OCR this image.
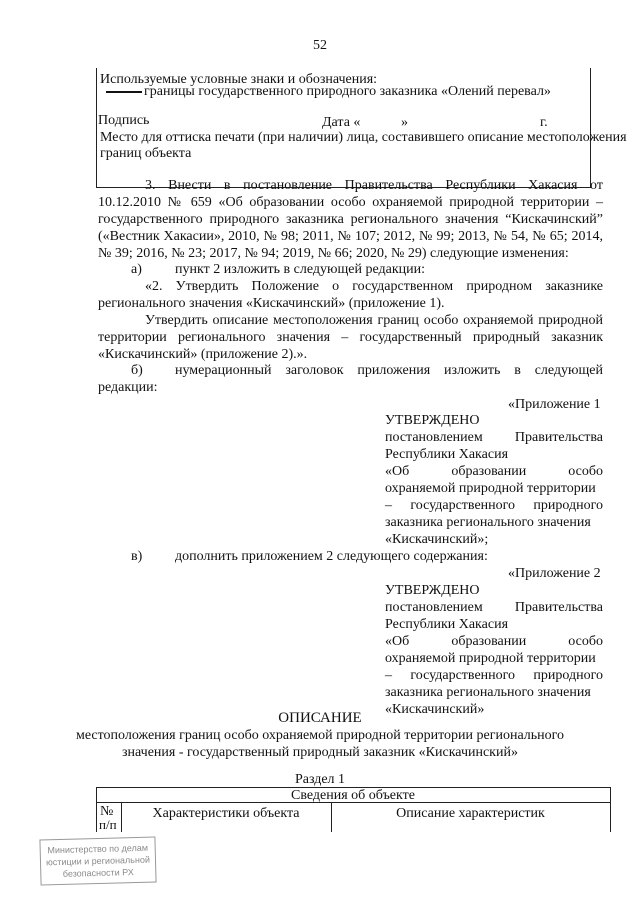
52
Используемые условные знаки и обозначения:
границы государственного природного заказника «Олений перевал»
Подпись	Дата «	»	г.
Место для оттиска печати (при наличии) лица, составившего описание местоположения
границ объекта
3. Внести в постановление Правительства Республики Хакасия от
10.12.2010 № 659 «Об образовании особо охраняемой природной территории –
государственного природного заказника регионального значения “Кискачинский”
(«Вестник Хакасии», 2010, № 98; 2011, № 107; 2012, № 99; 2013, № 54, № 65; 2014,
№ 39; 2016, № 23; 2017, № 94; 2019, № 66; 2020, № 29) следующие изменения:
а) пункт 2 изложить в следующей редакции:
«2. Утвердить Положение о государственном природном заказнике
регионального значения «Кискачинский» (приложение 1).
Утвердить описание местоположения границ особо охраняемой природной
территории регионального значения – государственный природный заказник
«Кискачинский» (приложение 2).».
б) нумерационный заголовок приложения изложить в следующей
редакции:
«Приложение 1
УТВЕРЖДЕНО
постановлением Правительства
Республики Хакасия
«Об образовании особо
охраняемой природной территории
– государственного природного
заказника регионального значения
«Кискачинский»;
в) дополнить приложением 2 следующего содержания:
«Приложение 2
УТВЕРЖДЕНО
постановлением Правительства
Республики Хакасия
«Об образовании особо
охраняемой природной территории
– государственного природного
заказника регионального значения
«Кискачинский»
ОПИСАНИЕ
местоположения границ особо охраняемой природной территории регионального
значения - государственный природный заказник «Кискачинский»
Раздел 1
Сведения об объекте
№
п/п
Характеристики объекта	Описание характеристик
Министерство по делам
юстиции и региональной
безопасности РХ
